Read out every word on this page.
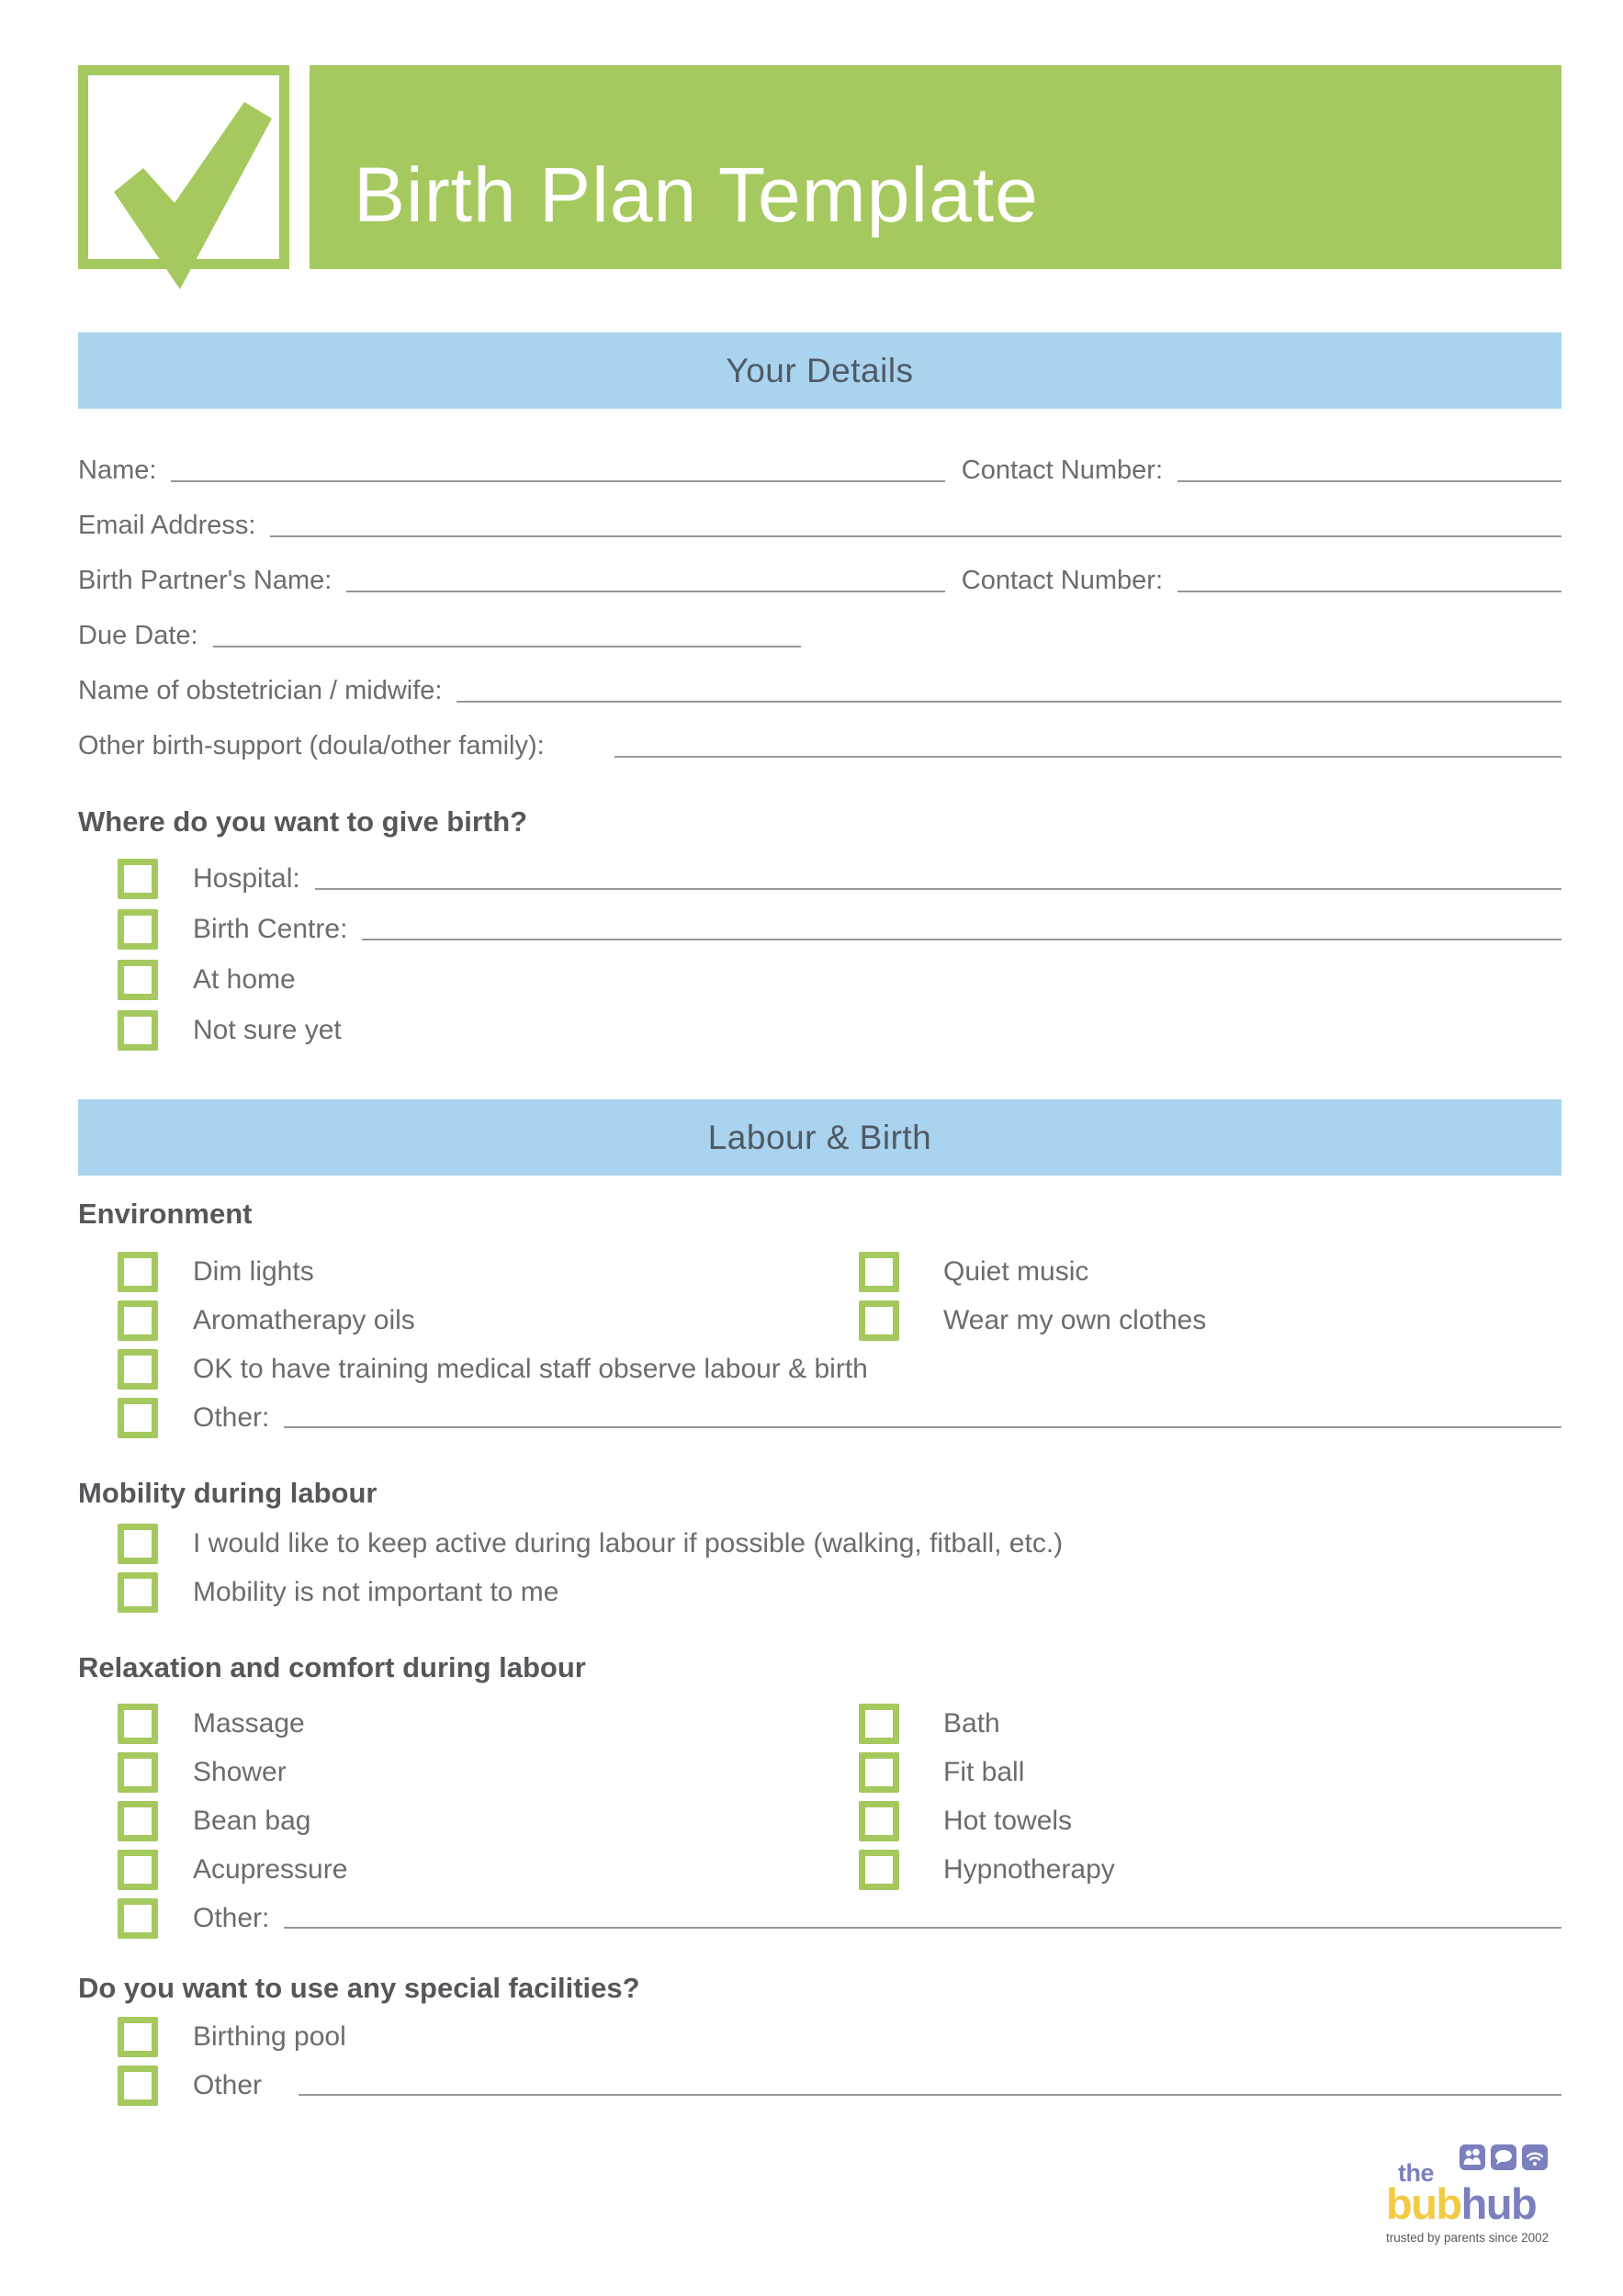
Birth Plan Template
Your Details
Name:	Contact Number:
Email Address:
Birth Partner's Name:	Contact Number:
Due Date:
Name of obstetrician / midwife:
Other birth-support (doula/other family):
Where do you want to give birth?
Hospital:
Birth Centre:
At home
Not sure yet
Labour & Birth
Environment
Dim lights	Quiet music
Aromatherapy oils	Wear my own clothes
OK to have training medical staff observe labour & birth
Other:
Mobility during labour
I would like to keep active during labour if possible (walking, fitball, etc.)
Mobility is not important to me
Relaxation and comfort during labour
Massage	Bath
Shower	Fit ball
Bean bag	Hot towels
Acupressure	Hypnotherapy
Other:
Do you want to use any special facilities?
Birthing pool
Other
the
bubhub
trusted by parents since 2002
